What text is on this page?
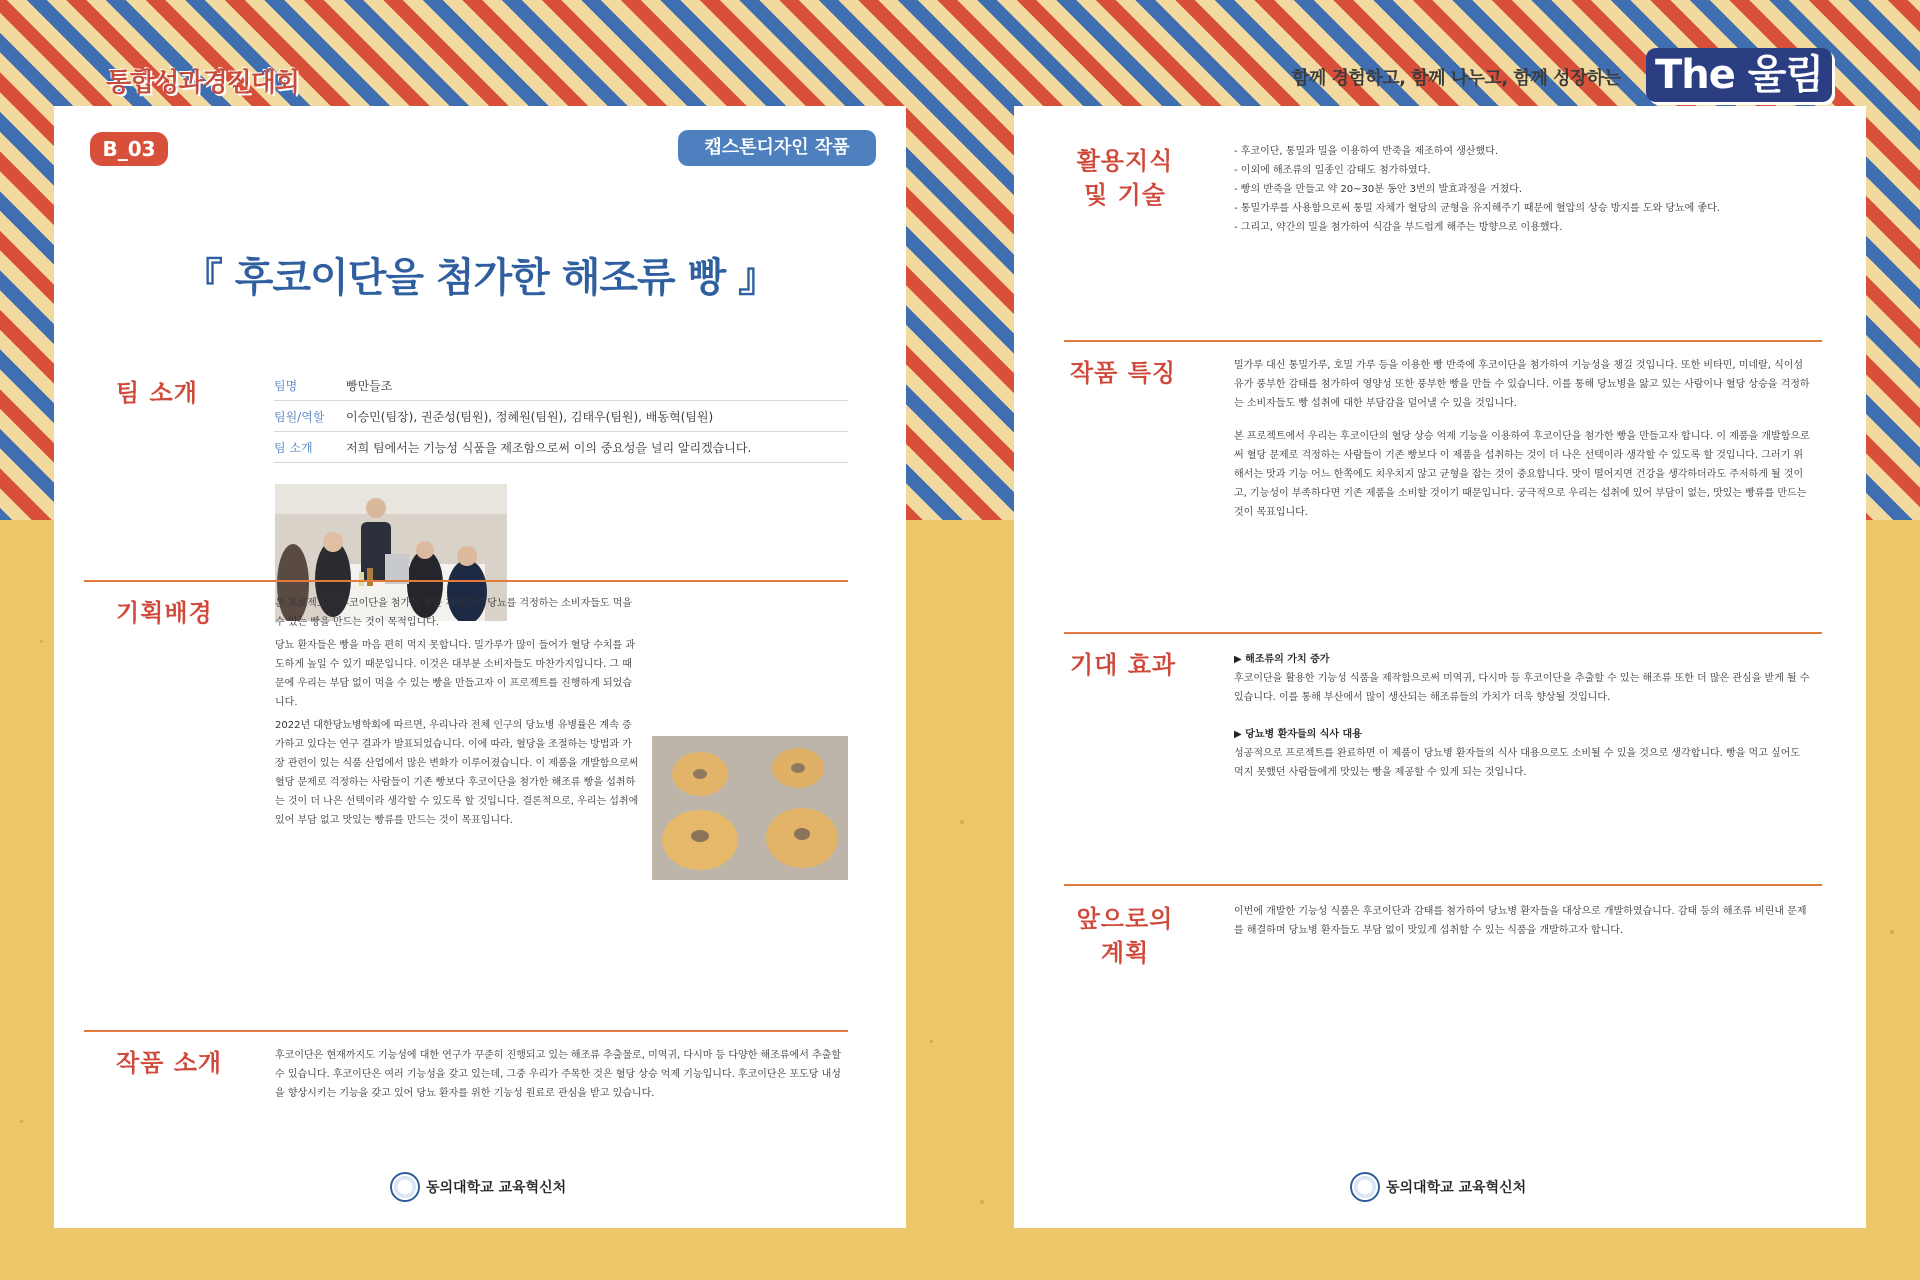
통합성과경진대회	함께 경험하고, 함께 나누고, 함께 성장하는 The 울림
B_03	캡스톤디자인 작품
『 후코이단을 첨가한 해조류 빵 』
팀 소개	팀명	빵만들조
팀원/역할	이승민(팀장), 권준성(팀원), 정혜원(팀원), 김태우(팀원), 배동혁(팀원)
팀 소개	저희 팀에서는 기능성 식품을 제조함으로써 이의 중요성을 널리 알리겠습니다.
기획배경	본 프로젝트는 후코이단을 첨가한 빵을 제작하여 당뇨를 걱정하는 소비자들도 먹을 수 있는 빵을 만드는 것이 목적입니다.

당뇨 환자들은 빵을 마음 편히 먹지 못합니다. 밀가루가 많이 들어가 혈당 수치를 과도하게 높일 수 있기 때문입니다. 이것은 대부분 소비자들도 마찬가지입니다. 그 때문에 우리는 부담 없이 먹을 수 있는 빵을 만들고자 이 프로젝트를 진행하게 되었습니다.

2022년 대한당뇨병학회에 따르면, 우리나라 전체 인구의 당뇨병 유병률은 계속 증가하고 있다는 연구 결과가 발표되었습니다. 이에 따라, 혈당을 조절하는 방법과 가장 관련이 있는 식품 산업에서 많은 변화가 이루어졌습니다. 이 제품을 개발함으로써 혈당 문제로 걱정하는 사람들이 기존 빵보다 후코이단을 첨가한 해조류 빵을 섭취하는 것이 더 나은 선택이라 생각할 수 있도록 할 것입니다. 결론적으로, 우리는 섭취에 있어 부담 없고 맛있는 빵류를 만드는 것이 목표입니다.

작품 소개	후코이단은 현재까지도 기능성에 대한 연구가 꾸준히 진행되고 있는 해조류 추출물로, 미역귀, 다시마 등 다양한 해조류에서 추출할 수 있습니다. 후코이단은 여러 기능성을 갖고 있는데, 그중 우리가 주목한 것은 혈당 상승 억제 기능입니다. 후코이단은 포도당 내성을 향상시키는 기능을 갖고 있어 당뇨 환자를 위한 기능성 원료로 관심을 받고 있습니다.
동의대학교 교육혁신처
활용지식
및 기술
- 후코이단, 통밀과 밀을 이용하여 반죽을 제조하여 생산했다.
- 이외에 해조류의 일종인 감태도 첨가하였다.
- 빵의 반죽을 만들고 약 20~30분 동안 3번의 발효과정을 거쳤다.
- 통밀가루를 사용함으로써 통밀 자체가 혈당의 균형을 유지해주기 때문에 혈압의 상승 방지를 도와 당뇨에 좋다.
- 그리고, 약간의 밀을 첨가하여 식감을 부드럽게 해주는 방향으로 이용했다.
작품 특징	밀가루 대신 통밀가루, 호밀 가루 등을 이용한 빵 반죽에 후코이단을 첨가하여 기능성을 챙길 것입니다. 또한 비타민, 미네랄, 식이섬유가 풍부한 감태를 첨가하여 영양성 또한 풍부한 빵을 만들 수 있습니다. 이를 통해 당뇨병을 앓고 있는 사람이나 혈당 상승을 걱정하는 소비자들도 빵 섭취에 대한 부담감을 덜어낼 수 있을 것입니다.

본 프로젝트에서 우리는 후코이단의 혈당 상승 억제 기능을 이용하여 후코이단을 첨가한 빵을 만들고자 합니다. 이 제품을 개발함으로써 혈당 문제로 걱정하는 사람들이 기존 빵보다 이 제품을 섭취하는 것이 더 나은 선택이라 생각할 수 있도록 할 것입니다. 그러기 위해서는 맛과 기능 어느 한쪽에도 치우치지 않고 균형을 잡는 것이 중요합니다. 맛이 떨어지면 건강을 생각하더라도 주저하게 될 것이고, 기능성이 부족하다면 기존 제품을 소비할 것이기 때문입니다. 궁극적으로 우리는 섭취에 있어 부담이 없는, 맛있는 빵류를 만드는 것이 목표입니다.

기대 효과	▶ 해조류의 가치 증가

후코이단을 활용한 기능성 식품을 제작함으로써 미역귀, 다시마 등 후코이단을 추출할 수 있는 해조류 또한 더 많은 관심을 받게 될 수 있습니다. 이를 통해 부산에서 많이 생산되는 해조류들의 가치가 더욱 향상될 것입니다.

▶ 당뇨병 환자들의 식사 대용

성공적으로 프로젝트를 완료하면 이 제품이 당뇨병 환자들의 식사 대용으로도 소비될 수 있을 것으로 생각합니다. 빵을 먹고 싶어도 먹지 못했던 사람들에게 맛있는 빵을 제공할 수 있게 되는 것입니다.

앞으로의
계획
이번에 개발한 기능성 식품은 후코이단과 감태를 첨가하여 당뇨병 환자들을 대상으로 개발하였습니다. 감태 등의 해조류 비린내 문제를 해결하며 당뇨병 환자들도 부담 없이 맛있게 섭취할 수 있는 식품을 개발하고자 합니다.
동의대학교 교육혁신처
